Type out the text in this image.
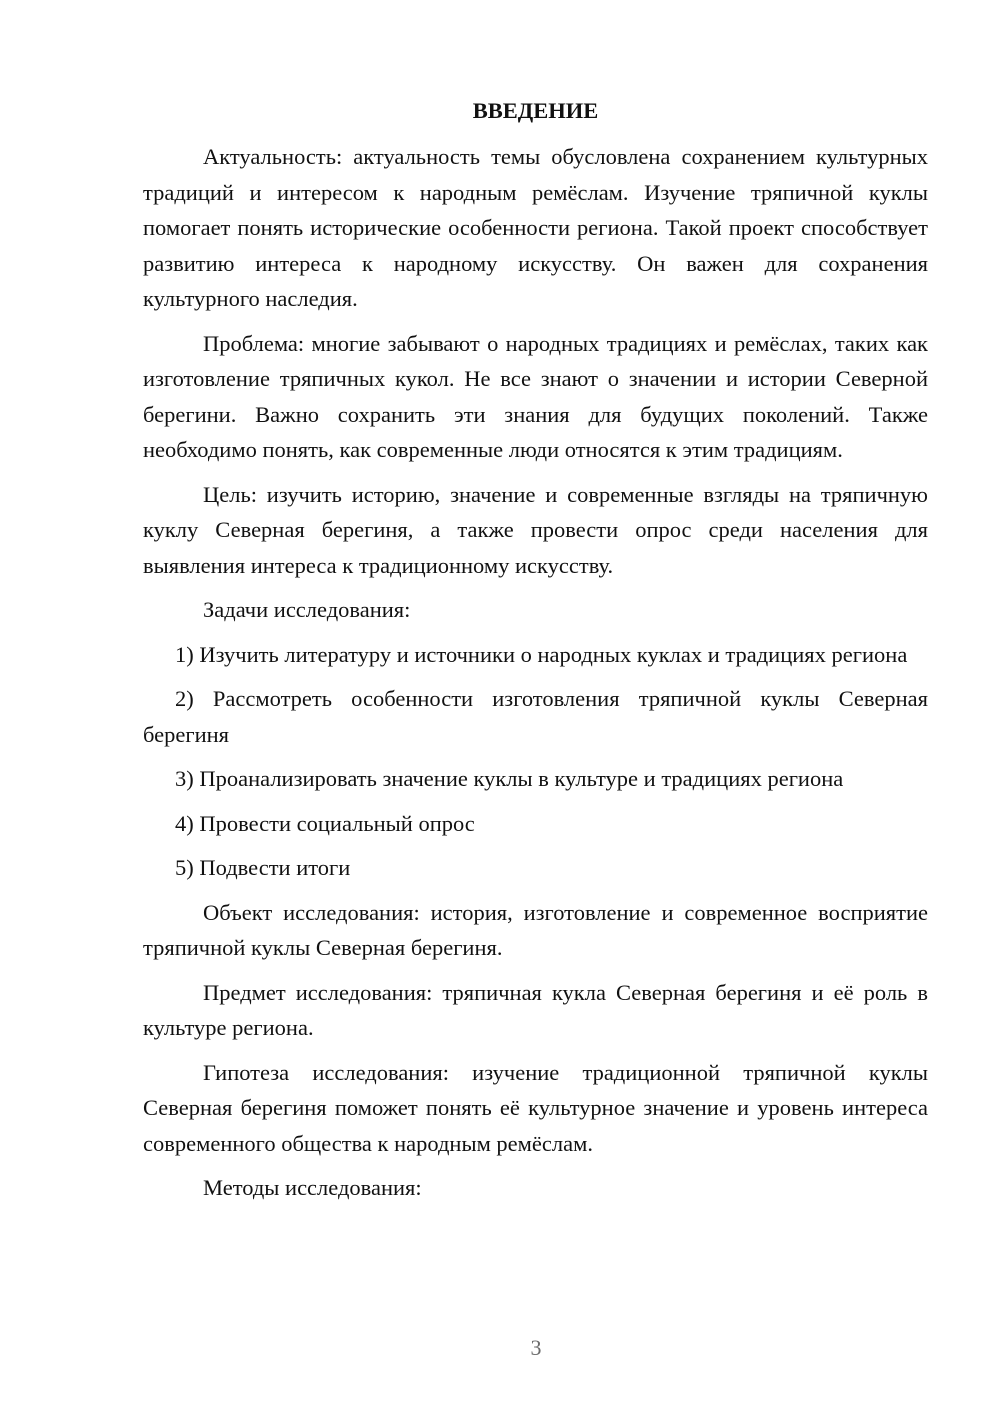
ВВЕДЕНИЕ

Актуальность: актуальность темы обусловлена сохранением культурных традиций и интересом к народным ремёслам. Изучение тряпичной куклы помогает понять исторические особенности региона. Такой проект способствует развитию интереса к народному искусству. Он важен для сохранения культурного наследия.

Проблема: многие забывают о народных традициях и ремёслах, таких как изготовление тряпичных кукол. Не все знают о значении и истории Северной берегини. Важно сохранить эти знания для будущих поколений. Также необходимо понять, как современные люди относятся к этим традициям.

Цель: изучить историю, значение и современные взгляды на тряпичную куклу Северная берегиня, а также провести опрос среди населения для выявления интереса к традиционному искусству.

Задачи исследования:

1) Изучить литературу и источники о народных куклах и традициях региона

2) Рассмотреть особенности изготовления тряпичной куклы Северная берегиня

3) Проанализировать значение куклы в культуре и традициях региона

4) Провести социальный опрос

5) Подвести итоги

Объект исследования: история, изготовление и современное восприятие тряпичной куклы Северная берегиня.

Предмет исследования: тряпичная кукла Северная берегиня и её роль в культуре региона.

Гипотеза исследования: изучение традиционной тряпичной куклы Северная берегиня поможет понять её культурное значение и уровень интереса современного общества к народным ремёслам.

Методы исследования:

3
